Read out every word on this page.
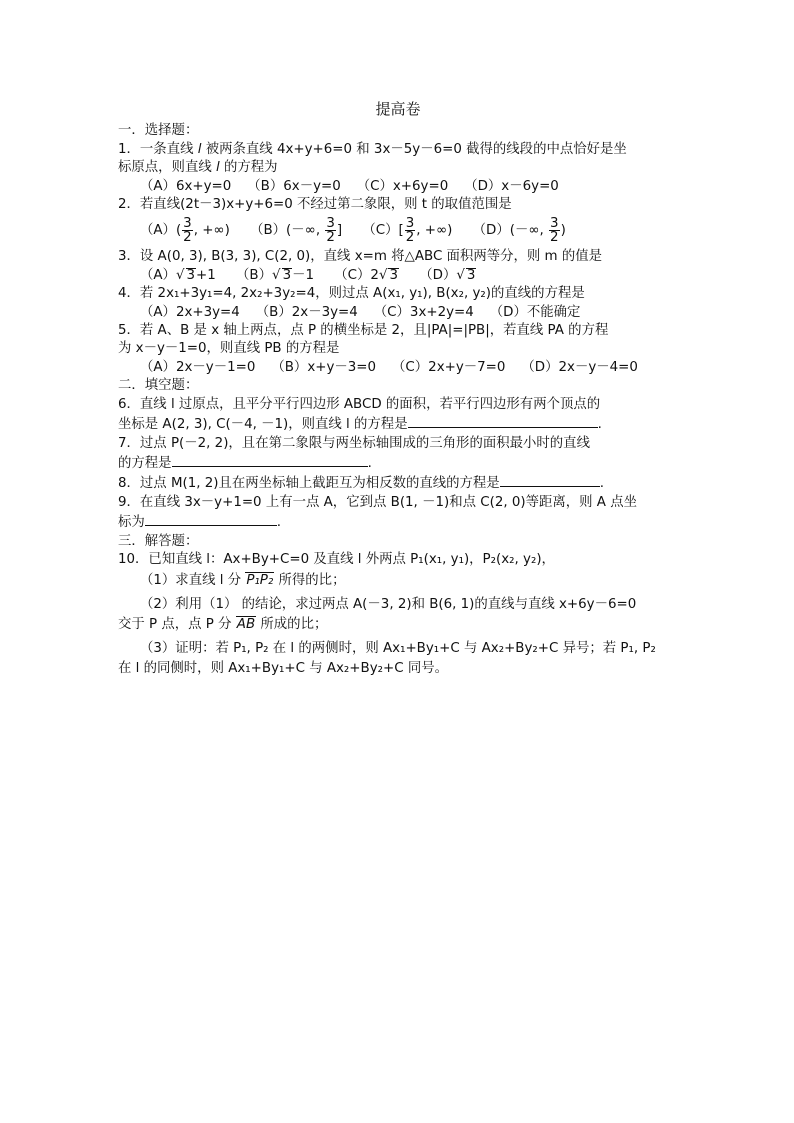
提高卷
一．选择题：
1．一条直线 l 被两条直线 4x+y+6=0 和 3x－5y－6=0 截得的线段的中点恰好是坐
标原点，则直线 l 的方程为
（A）6x+y=0 （B）6x－y=0 （C）x+6y=0 （D）x－6y=0
2．若直线(2t－3)x+y+6=0 不经过第二象限，则 t 的取值范围是
$(A)( \frac{3}{2}$ , +∞) （B）(－∞, $\frac{3}{2}$ ] $(C)[ \frac{3}{2}$ , +∞) （D）(－∞, $\frac{3}{2}$ )
3．设 A(0, 3), B(3, 3), C(2, 0)，直线 x=m 将△ABC 面积两等分，则 m 的值是
（A）√ 3+1 （B）√ 3－1 （C）2√ 3 （D）√ 3
4．若 2x₁+3y₁=4, 2x₂+3y₂=4，则过点 A(x₁, y₁), B(x₂, y₂)的直线的方程是
（A）2x+3y=4 （B）2x－3y=4 （C）3x+2y=4 （D）不能确定
5．若 A、B 是 x 轴上两点，点 P 的横坐标是 2，且|PA|=|PB|，若直线 PA 的方程
为 x－y－1=0，则直线 PB 的方程是
（A）2x－y－1=0 （B）x+y－3=0 （C）2x+y－7=0 （D）2x－y－4=0
二．填空题：
6．直线 l 过原点，且平分平行四边形 ABCD 的面积，若平行四边形有两个顶点的
坐标是 A(2, 3), C(－4, －1)，则直线 l 的方程是	.
7．过点 P(－2, 2)，且在第二象限与两坐标轴围成的三角形的面积最小时的直线
的方程是	.
8．过点 M(1, 2)且在两坐标轴上截距互为相反数的直线的方程是	.
9．在直线 3x－y+1=0 上有一点 A，它到点 B(1, －1)和点 C(2, 0)等距离，则 A 点坐
标为	.
三．解答题：
10．已知直线 l：Ax+By+C=0 及直线 l 外两点 P₁(x₁, y₁)，P₂(x₂, y₂)，
（1）求直线 l 分 P₁P₂ 所得的比；
（2）利用（1） 的结论，求过两点 A(－3, 2)和 B(6, 1)的直线与直线 x+6y－6=0
交于 P 点，点 P 分 AB 所成的比；
（3）证明：若 P₁, P₂ 在 l 的两侧时，则 Ax₁+By₁+C 与 Ax₂+By₂+C 异号；若 P₁, P₂
在 l 的同侧时，则 Ax₁+By₁+C 与 Ax₂+By₂+C 同号。
